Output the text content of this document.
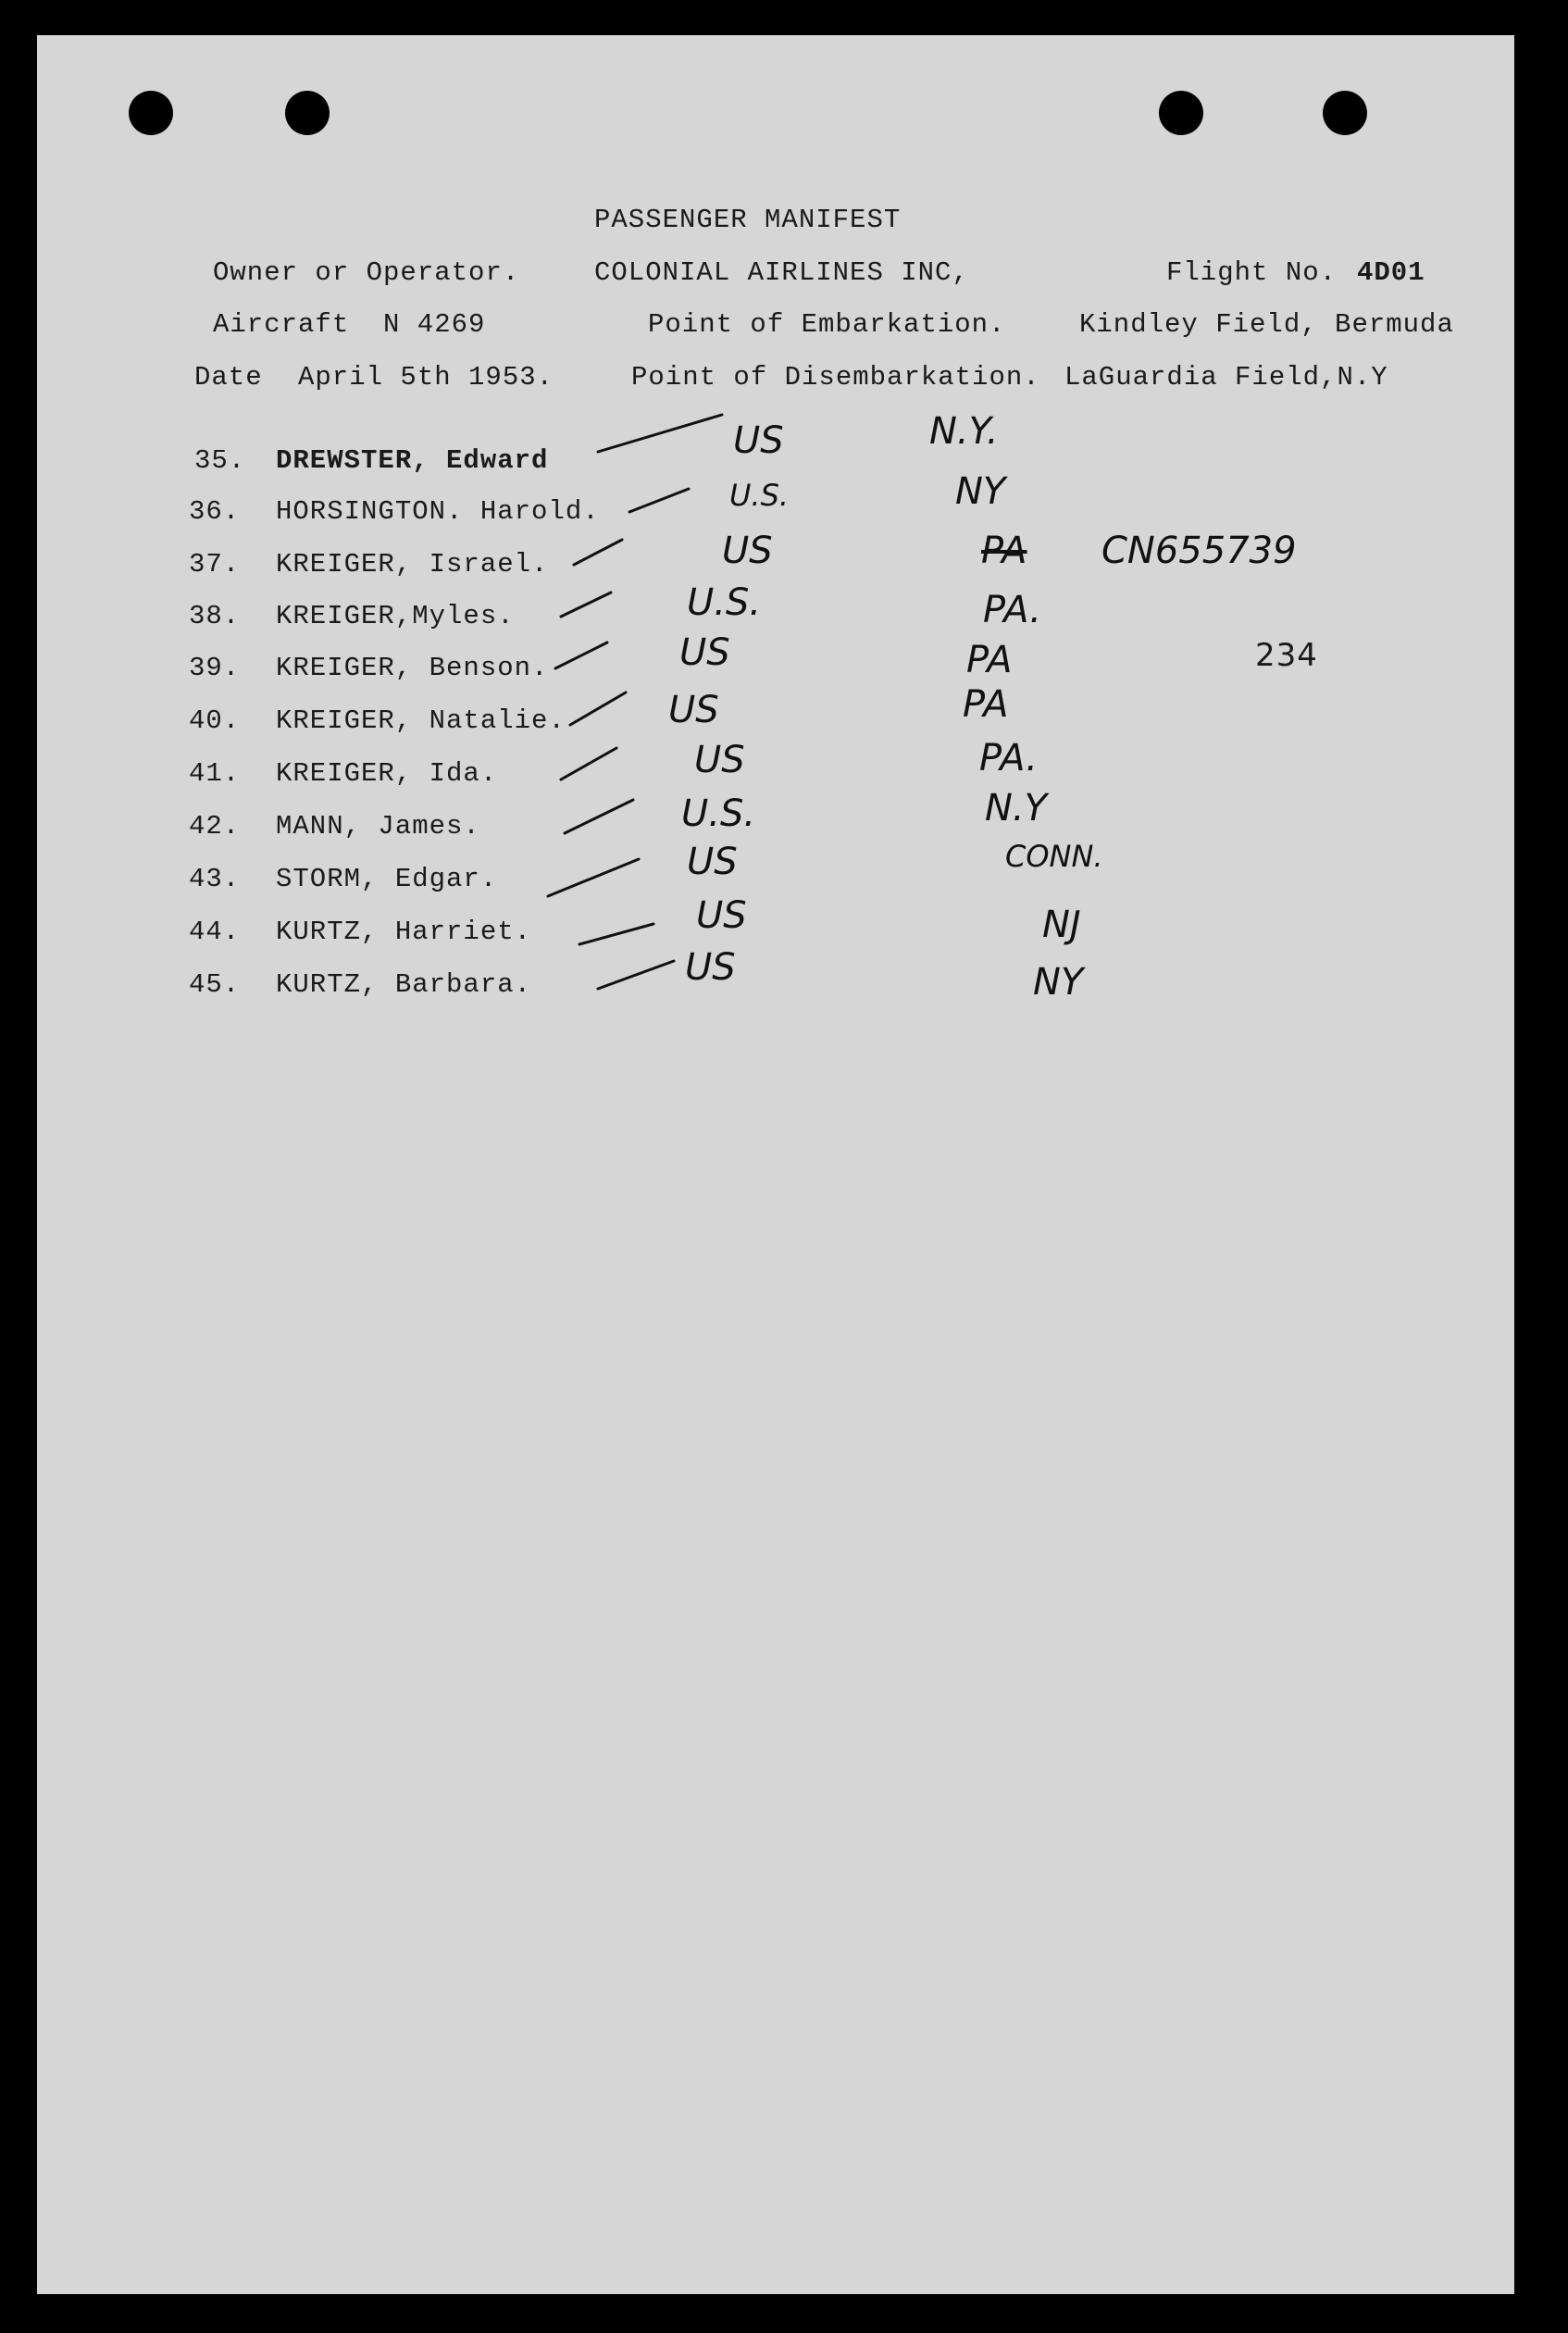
PASSENGER MANIFEST
Owner or Operator.	COLONIAL AIRLINES INC,	Flight No. 4D01
Aircraft N 4269	Point of Embarkation.	Kindley Field, Bermuda
Date April 5th 1953.	Point of Disembarkation. LaGuardia Field,N.Y
35. DREWSTER, Edward	US	N.Y.
36. HORSINGTON. Harold.	U.S.	NY
37. KREIGER, Israel.	US	PA CN655739
38. KREIGER,Myles.	U.S.	PA.
39. KREIGER, Benson.	US	PA	234
40. KREIGER, Natalie.	US	PA
41. KREIGER, Ida.	US	PA.
42. MANN, James.	U.S.	N.Y
43. STORM, Edgar.	US	CONN.
44. KURTZ, Harriet.	US	NJ
45. KURTZ, Barbara.	US	NY
